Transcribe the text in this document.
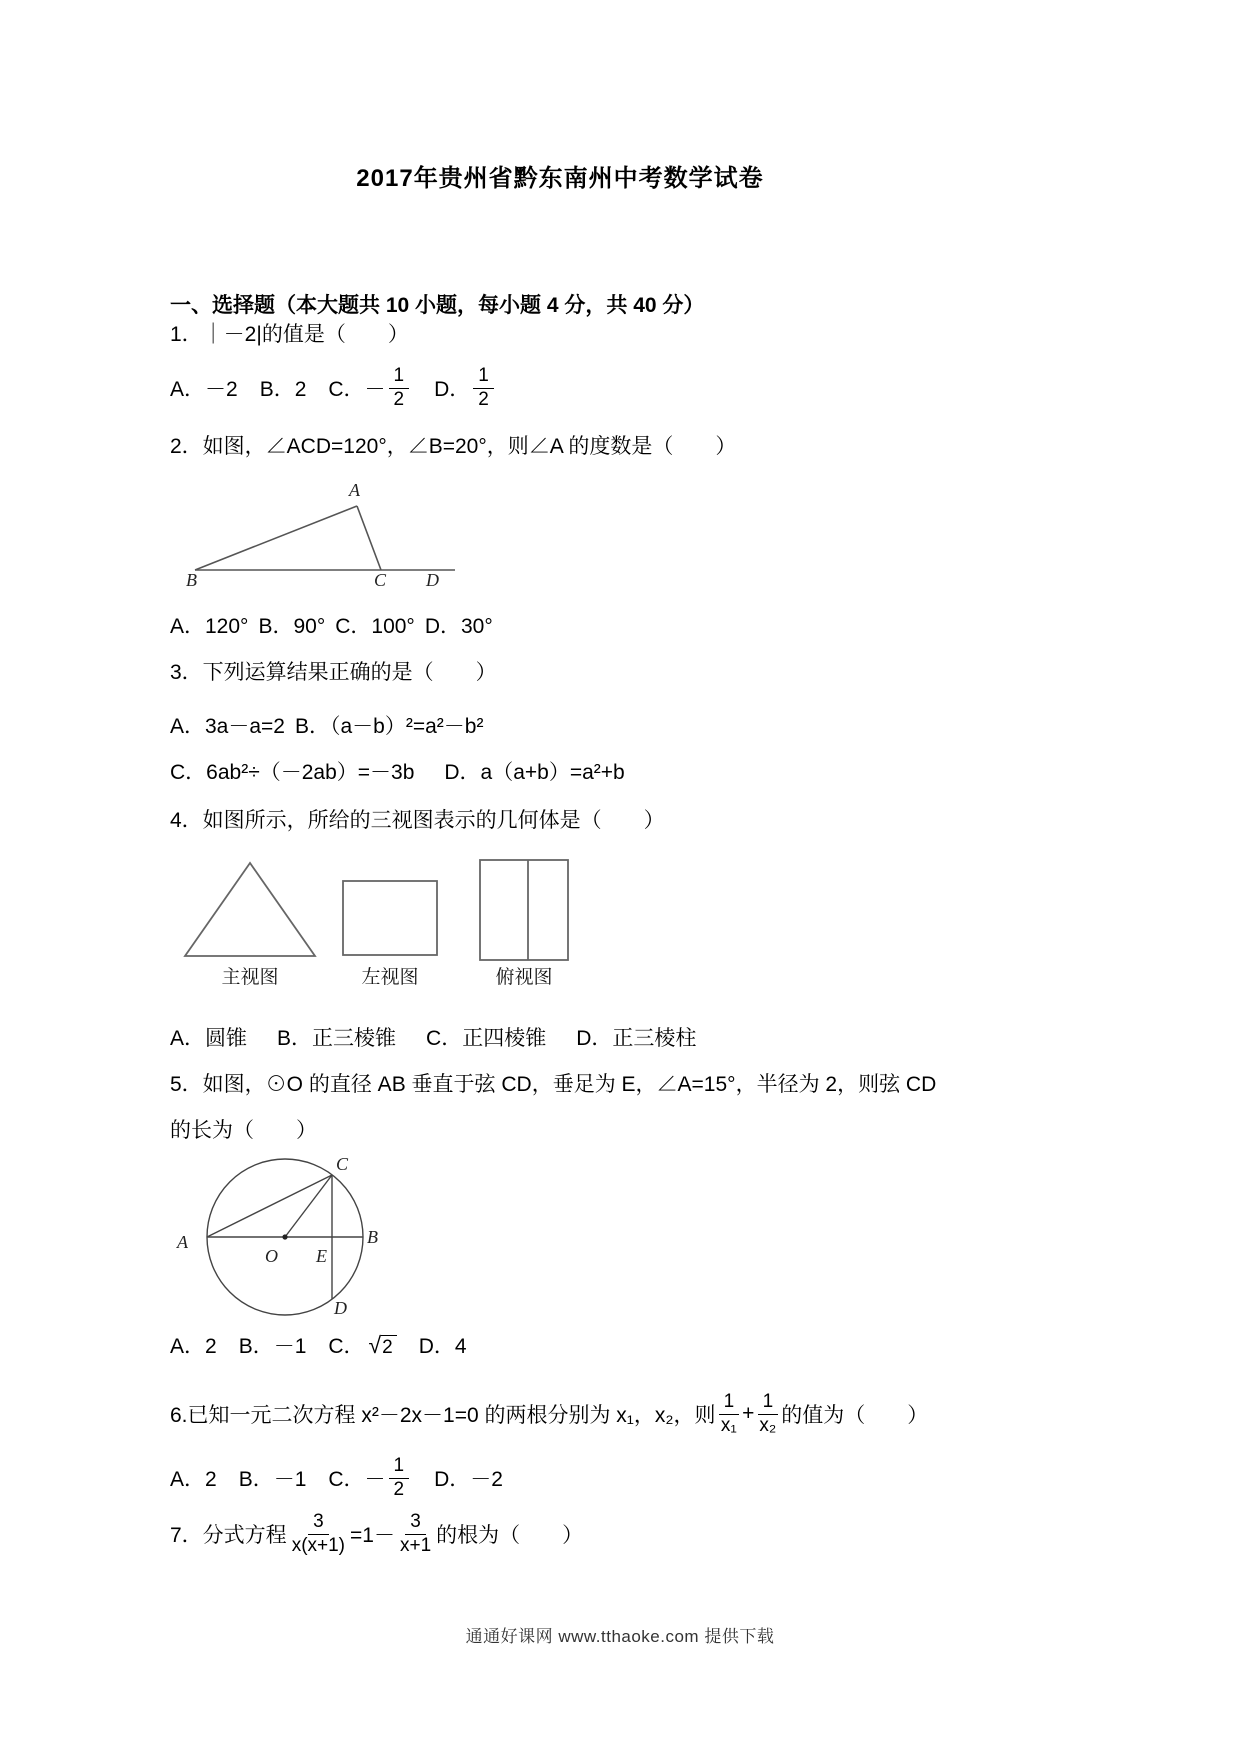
2017年贵州省黔东南州中考数学试卷
一、选择题（本大题共 10 小题，每小题 4 分，共 40 分）
1．｜－2|的值是（　　）
A．－2 B．2 C． － $\frac{1}{2}$ D． $\frac{1}{2}$
2．如图，∠ACD=120°，∠B=20°，则∠A 的度数是（　　）
A
B	C D
A．120° B．90° C．100° D．30°
3．下列运算结果正确的是（　　）
A．3a－a=2 B．（a－b）²=a²－b²
C．6ab²÷（－2ab）=－3b D．a（a+b）=a²+b
4．如图所示，所给的三视图表示的几何体是（　　）
主视图	左视图	俯视图
A．圆锥 B．正三棱锥 C．正四棱锥 D．正三棱柱
5．如图，⊙O 的直径 AB 垂直于弦 CD，垂足为 E，∠A=15°，半径为 2，则弦 CD
的长为（　　）
A	B
C
D
O E
A．2 B．－1 C． √ 2 D．4
6.已知一元二次方程 x²－2x－1=0 的两根分别为 x₁，x₂，则 $\frac{1}{\text{x₁}} + \frac{1}{\text{x₂}}$ 的值为（　　）
A．2 B．－1 C． － $\frac{1}{2}$ D．－2
7．分式方程 $\frac{3}{x(x+1)} =1- \frac{3}{x+1}$ 的根为（　　）
通通好课网 www.tthaoke.com 提供下载
